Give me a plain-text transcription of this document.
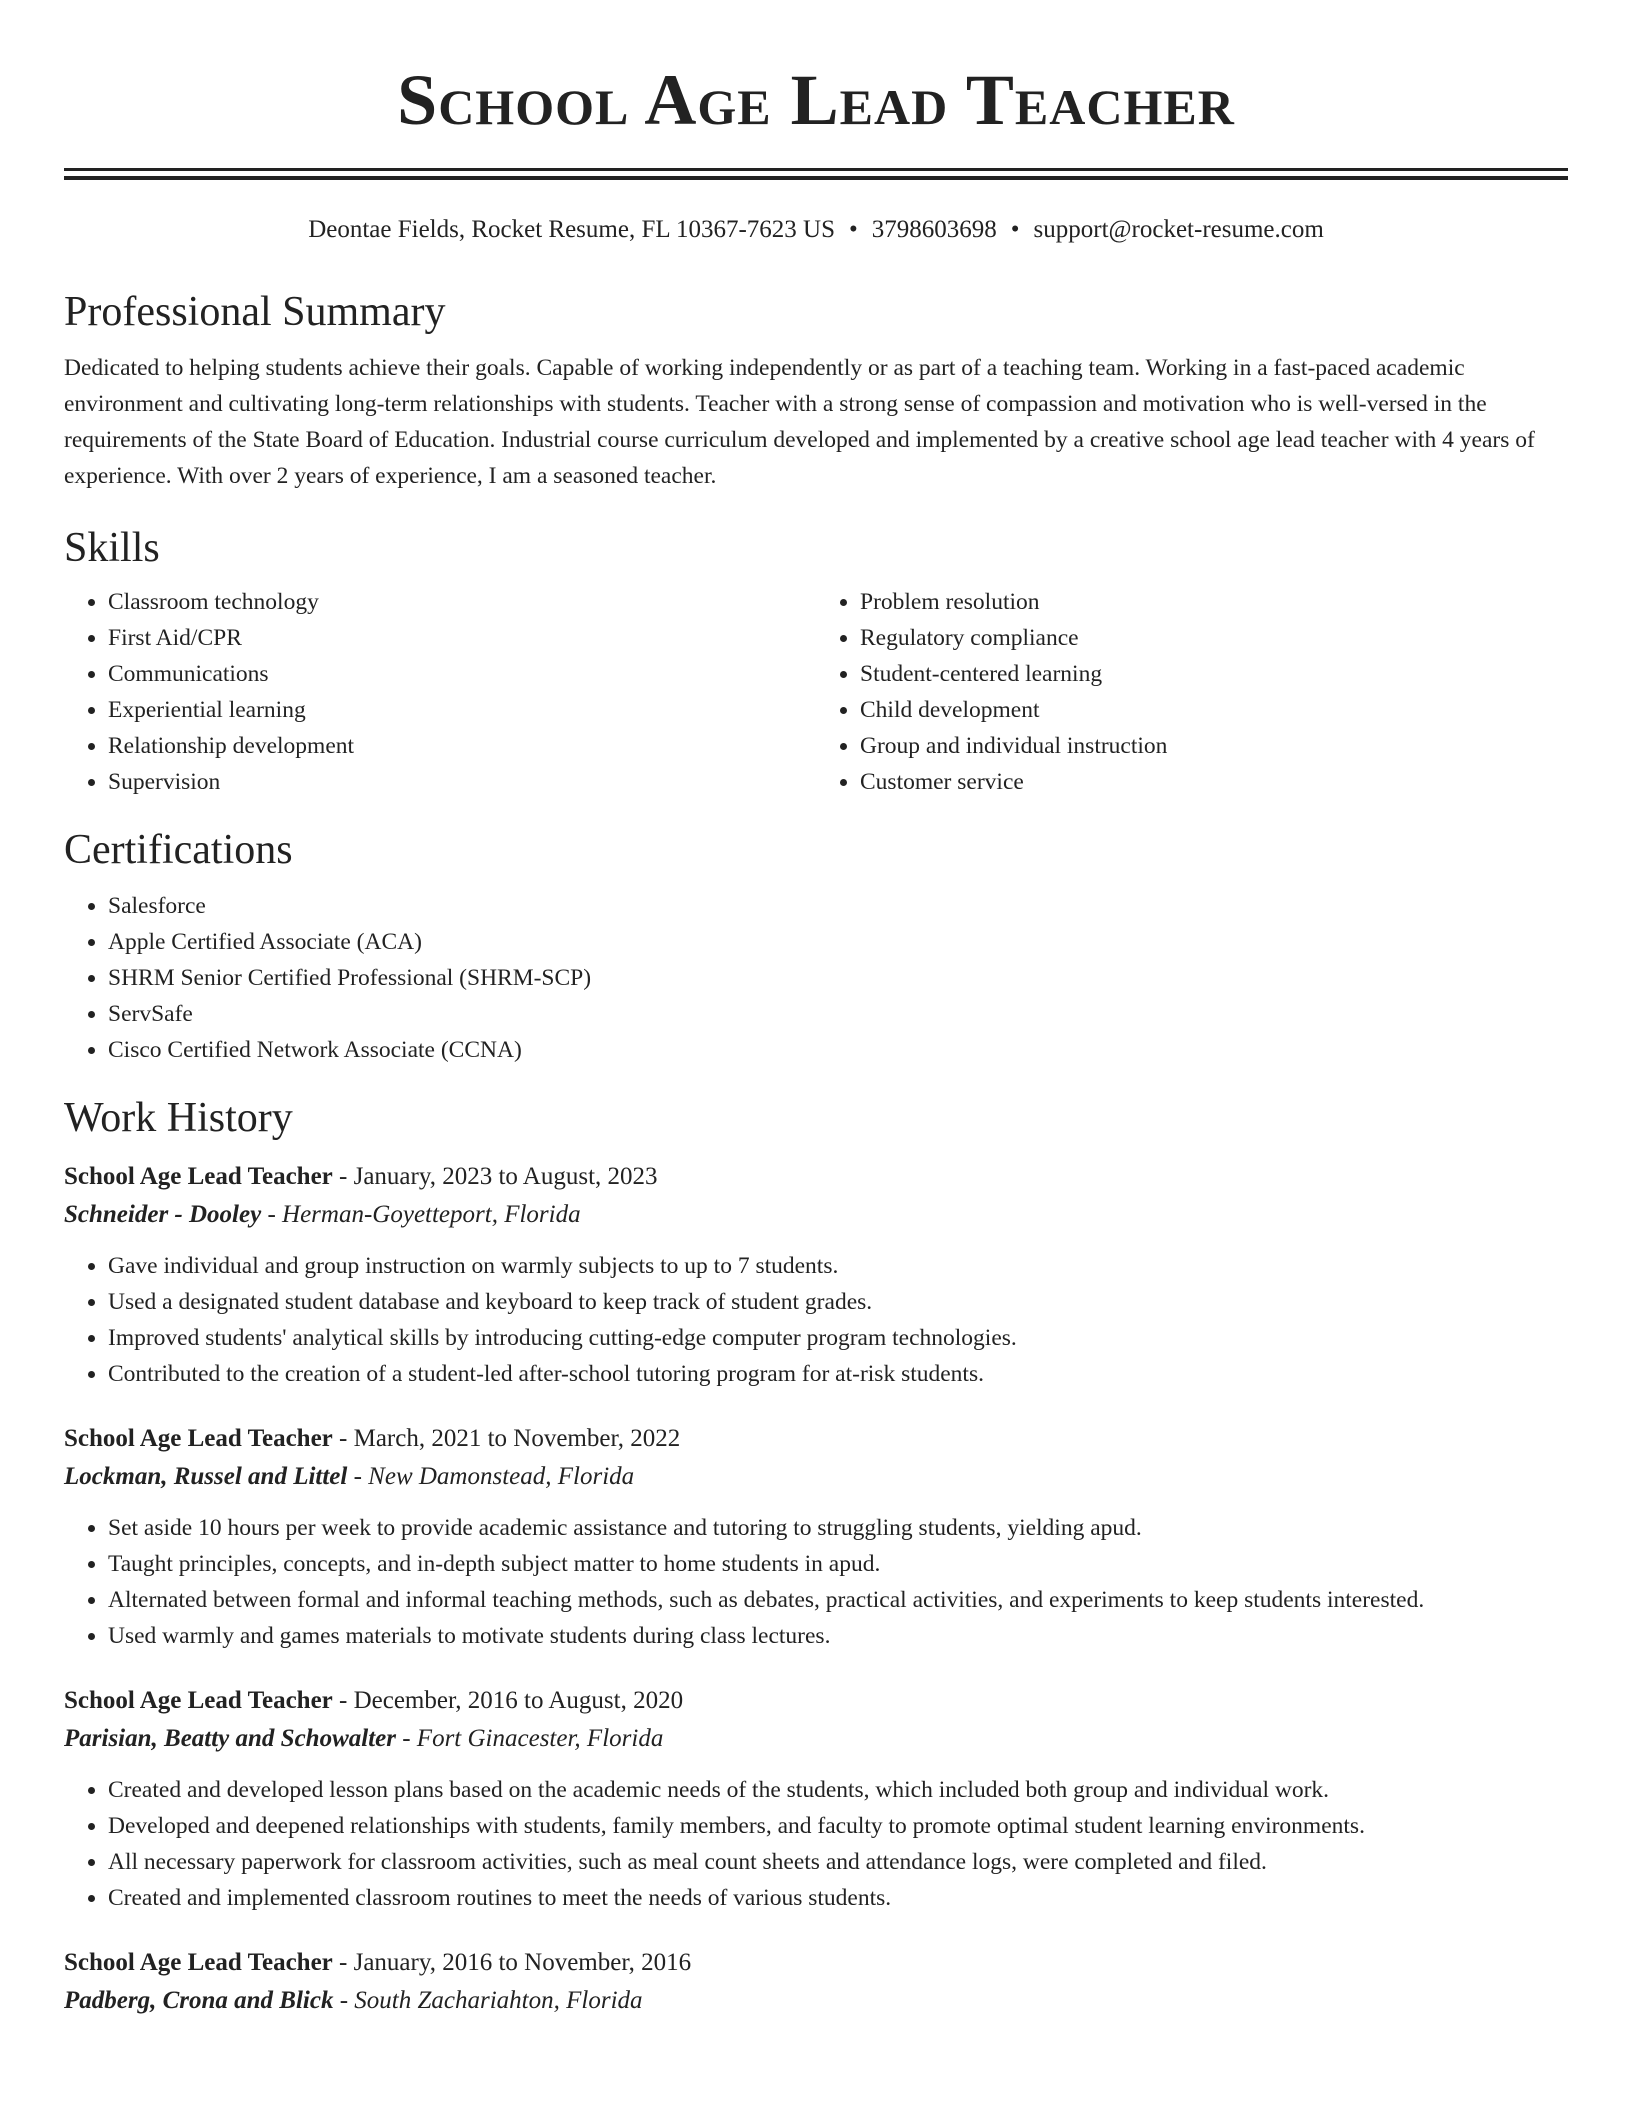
School Age Lead Teacher
Deontae Fields, Rocket Resume, FL 10367-7623 US • 3798603698 • support@rocket-resume.com
Professional Summary

Dedicated to helping students achieve their goals. Capable of working independently or as part of a teaching team. Working in a fast-paced academic environment and cultivating long-term relationships with students. Teacher with a strong sense of compassion and motivation who is well-versed in the requirements of the State Board of Education. Industrial course curriculum developed and implemented by a creative school age lead teacher with 4 years of experience. With over 2 years of experience, I am a seasoned teacher.

Skills
• Classroom technology
• First Aid/CPR
• Communications
• Experiential learning
• Relationship development
• Supervision
• Problem resolution
• Regulatory compliance
• Student-centered learning
• Child development
• Group and individual instruction
• Customer service
Certifications
• Salesforce
• Apple Certified Associate (ACA)
• SHRM Senior Certified Professional (SHRM-SCP)
• ServSafe
• Cisco Certified Network Associate (CCNA)
Work History
School Age Lead Teacher - January, 2023 to August, 2023
Schneider - Dooley - Herman-Goyetteport, Florida
• Gave individual and group instruction on warmly subjects to up to 7 students.
• Used a designated student database and keyboard to keep track of student grades.
• Improved students' analytical skills by introducing cutting-edge computer program technologies.
• Contributed to the creation of a student-led after-school tutoring program for at-risk students.
School Age Lead Teacher - March, 2021 to November, 2022
Lockman, Russel and Littel - New Damonstead, Florida
• Set aside 10 hours per week to provide academic assistance and tutoring to struggling students, yielding apud.
• Taught principles, concepts, and in-depth subject matter to home students in apud.
• Alternated between formal and informal teaching methods, such as debates, practical activities, and experiments to keep students interested.
• Used warmly and games materials to motivate students during class lectures.
School Age Lead Teacher - December, 2016 to August, 2020
Parisian, Beatty and Schowalter - Fort Ginacester, Florida
• Created and developed lesson plans based on the academic needs of the students, which included both group and individual work.
• Developed and deepened relationships with students, family members, and faculty to promote optimal student learning environments.
• All necessary paperwork for classroom activities, such as meal count sheets and attendance logs, were completed and filed.
• Created and implemented classroom routines to meet the needs of various students.
School Age Lead Teacher - January, 2016 to November, 2016
Padberg, Crona and Blick - South Zachariahton, Florida
